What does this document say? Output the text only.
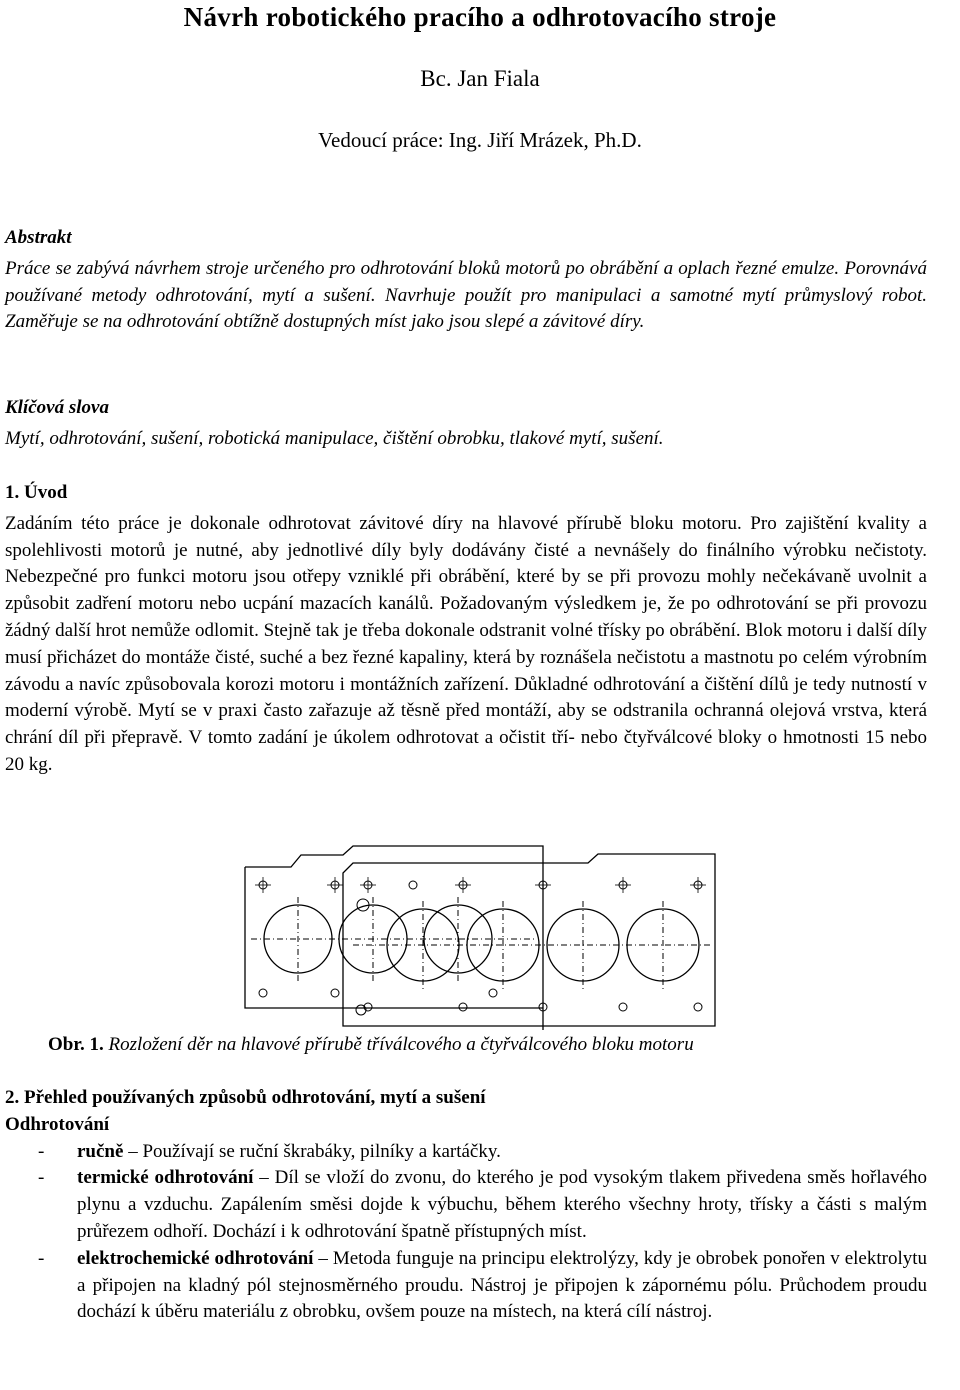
Návrh robotického pracího a odhrotovacího stroje
Bc. Jan Fiala
Vedoucí práce: Ing. Jiří Mrázek, Ph.D.
Abstrakt

Práce se zabývá návrhem stroje určeného pro odhrotování bloků motorů po obrábění a oplach řezné emulze. Porovnává používané metody odhrotování, mytí a sušení. Navrhuje použít pro manipulaci a samotné mytí průmyslový robot. Zaměřuje se na odhrotování obtížně dostupných míst jako jsou slepé a závitové díry.

Klíčová slova

Mytí, odhrotování, sušení, robotická manipulace, čištění obrobku, tlakové mytí, sušení.

1. Úvod

Zadáním této práce je dokonale odhrotovat závitové díry na hlavové přírubě bloku motoru. Pro zajištění kvality a spolehlivosti motorů je nutné, aby jednotlivé díly byly dodávány čisté a nevnášely do finálního výrobku nečistoty. Nebezpečné pro funkci motoru jsou otřepy vzniklé při obrábění, které by se při provozu mohly nečekávaně uvolnit a způsobit zadření motoru nebo ucpání mazacích kanálů. Požadovaným výsledkem je, že po odhrotování se při provozu žádný další hrot nemůže odlomit. Stejně tak je třeba dokonale odstranit volné třísky po obrábění. Blok motoru i další díly musí přicházet do montáže čisté, suché a bez řezné kapaliny, která by roznášela nečistotu a mastnotu po celém výrobním závodu a navíc způsobovala korozi motoru i montážních zařízení. Důkladné odhrotování a čištění dílů je tedy nutností v moderní výrobě. Mytí se v praxi často zařazuje až těsně před montáží, aby se odstranila ochranná olejová vrstva, která chrání díl při přepravě. V tomto zadání je úkolem odhrotovat a očistit tří- nebo čtyřválcové bloky o hmotnosti 15 nebo 20 kg.

Obr. 1. Rozložení děr na hlavové přírubě tříválcového a čtyřválcového bloku motoru
2. Přehled používaných způsobů odhrotování, mytí a sušení
Odhrotování
- ručně – Používají se ruční škrabáky, pilníky a kartáčky.
- termické odhrotování – Díl se vloží do zvonu, do kterého je pod vysokým tlakem přivedena směs hořlavého plynu a vzduchu. Zapálením směsi dojde k výbuchu, během kterého všechny hroty, třísky a části s malým průřezem odhoří. Dochází i k odhrotování špatně přístupných míst.
- elektrochemické odhrotování – Metoda funguje na principu elektrolýzy, kdy je obrobek ponořen v elektrolytu a připojen na kladný pól stejnosměrného proudu. Nástroj je připojen k zápornému pólu. Průchodem proudu dochází k úběru materiálu z obrobku, ovšem pouze na místech, na která cílí nástroj.
